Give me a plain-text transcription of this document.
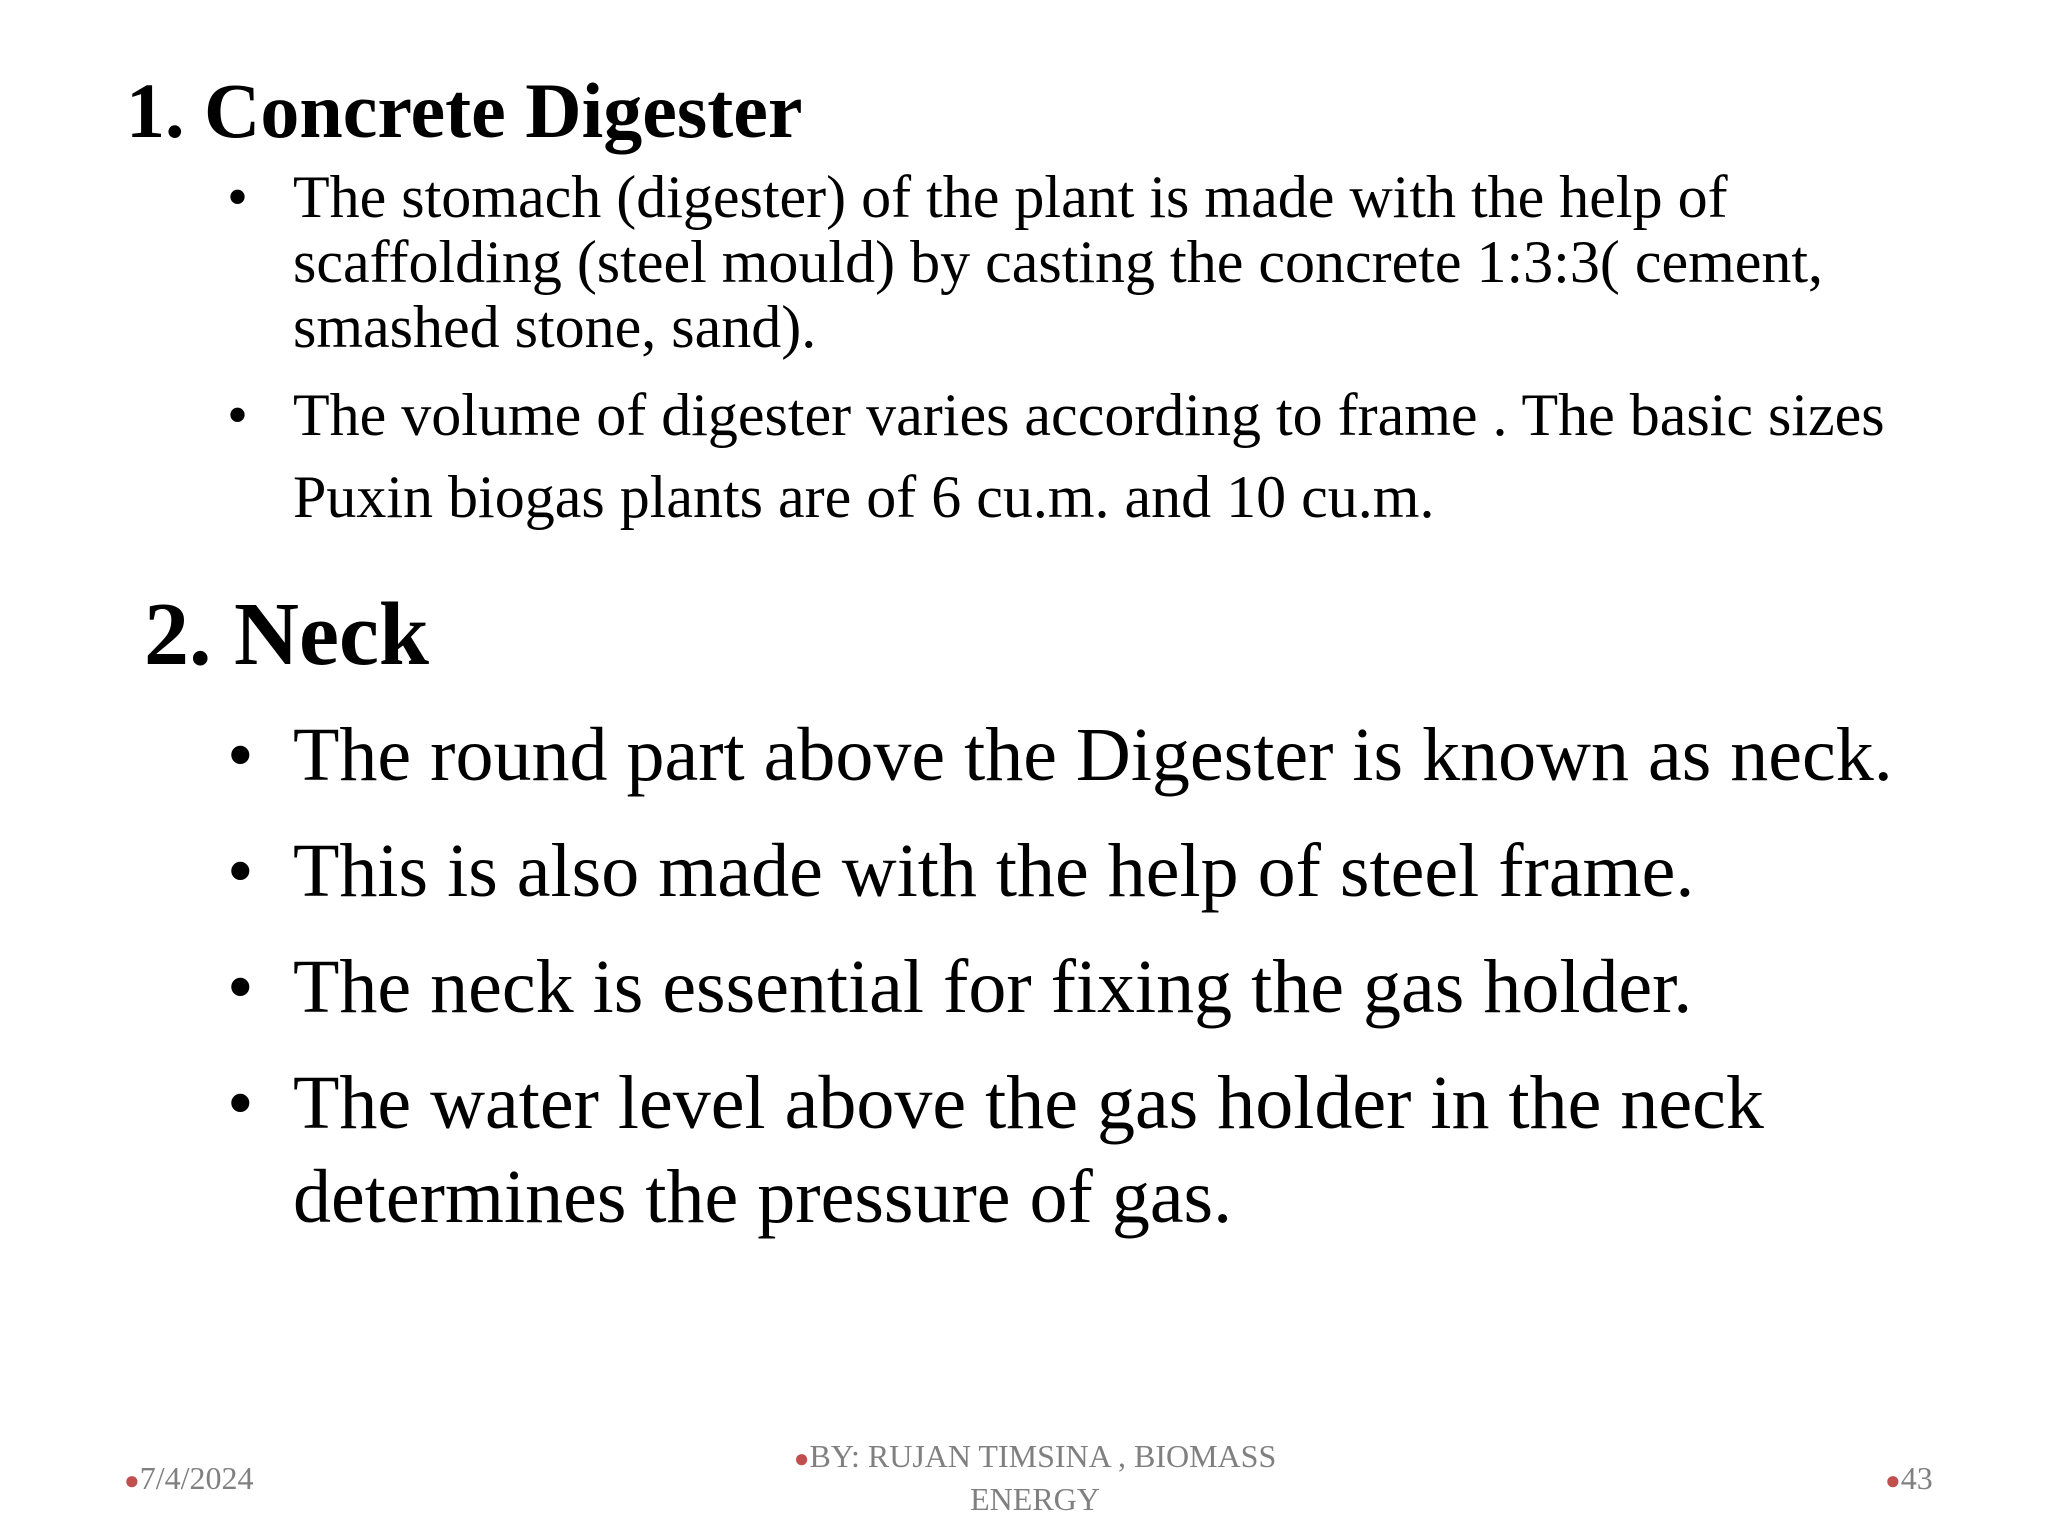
1. Concrete Digester
• The stomach (digester) of the plant is made with the help of scaffolding (steel mould) by casting the concrete 1:3:3( cement, smashed stone, sand).
• The volume of digester varies according to frame . The basic sizes Puxin biogas plants are of 6 cu.m. and 10 cu.m.
2. Neck
• The round part above the Digester is known as neck.
• This is also made with the help of steel frame.
• The neck is essential for fixing the gas holder.
• The water level above the gas holder in the neck determines the pressure of gas.
●7/4/2024
●BY: RUJAN TIMSINA , BIOMASS ENERGY
●43
